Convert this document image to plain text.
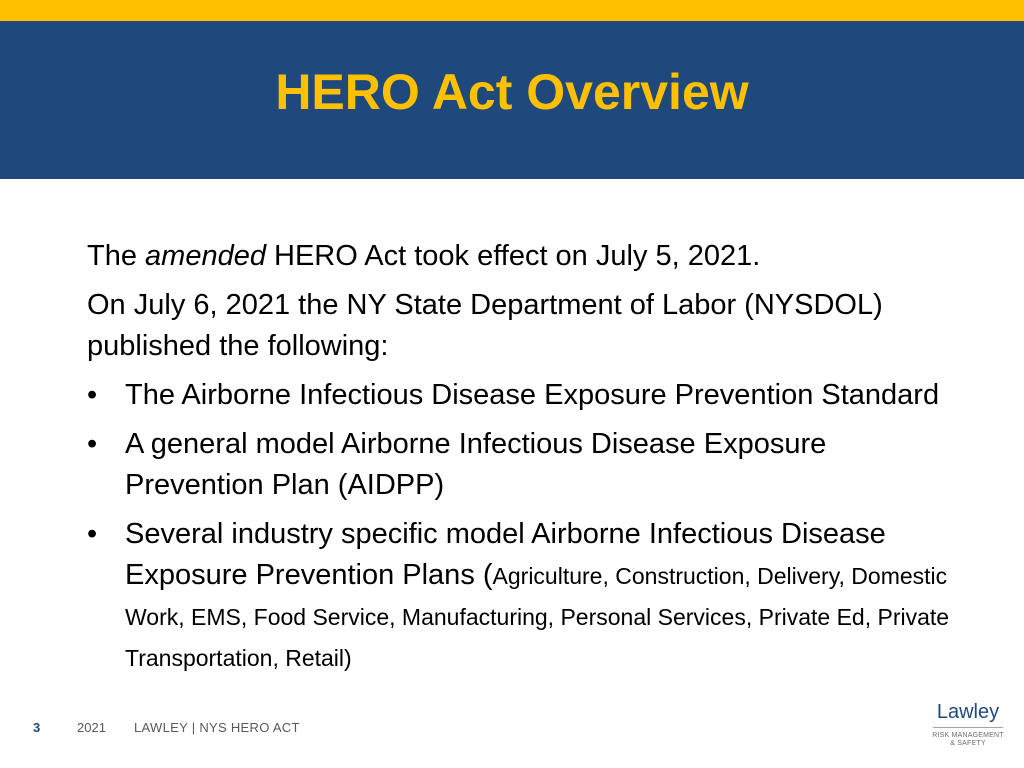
HERO Act Overview

The amended HERO Act took effect on July 5, 2021.

On July 6, 2021 the NY State Department of Labor (NYSDOL) published the following:

• The Airborne Infectious Disease Exposure Prevention Standard
• A general model Airborne Infectious Disease Exposure Prevention Plan (AIDPP)
• Several industry specific model Airborne Infectious Disease Exposure Prevention Plans (Agriculture, Construction, Delivery, Domestic Work, EMS, Food Service, Manufacturing, Personal Services, Private Ed, Private Transportation, Retail)
3	2021 LAWLEY | NYS HERO ACT
Lawley
RISK MANAGEMENT
& SAFETY
